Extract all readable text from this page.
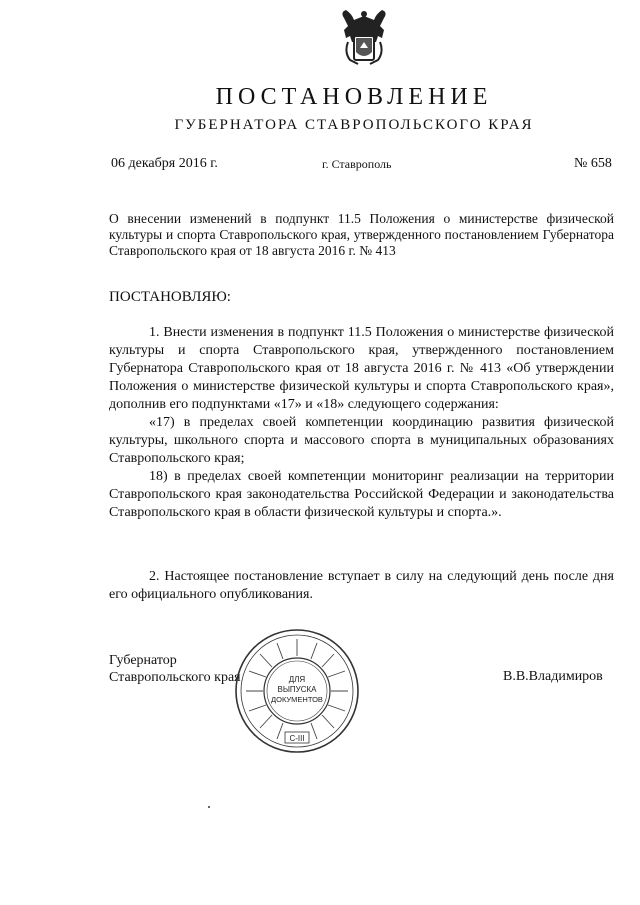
ПОСТАНОВЛЕНИЕ
ГУБЕРНАТОРА СТАВРОПОЛЬСКОГО КРАЯ
06 декабря 2016 г.	г. Ставрополь	№ 658
О внесении изменений в подпункт 11.5 Положения о министерстве физической культуры и спорта Ставропольского края, утвержденного постановлением Губернатора Ставропольского края от 18 августа 2016 г. № 413
ПОСТАНОВЛЯЮ:

1. Внести изменения в подпункт 11.5 Положения о министерстве физической культуры и спорта Ставропольского края, утвержденного постановлением Губернатора Ставропольского края от 18 августа 2016 г. № 413 «Об утверждении Положения о министерстве физической культуры и спорта Ставропольского края», дополнив его подпунктами «17» и «18» следующего содержания:

«17) в пределах своей компетенции координацию развития физической культуры, школьного спорта и массового спорта в муниципальных образованиях Ставропольского края;

18) в пределах своей компетенции мониторинг реализации на территории Ставропольского края законодательства Российской Федерации и законодательства Ставропольского края в области физической культуры и спорта.».

2. Настоящее постановление вступает в силу на следующий день после дня его официального опубликования.

Губернатор
Ставропольского края	В.В.Владимиров
ДЛЯ
ВЫПУСКА
ДОКУМЕНТОВ
С-III
